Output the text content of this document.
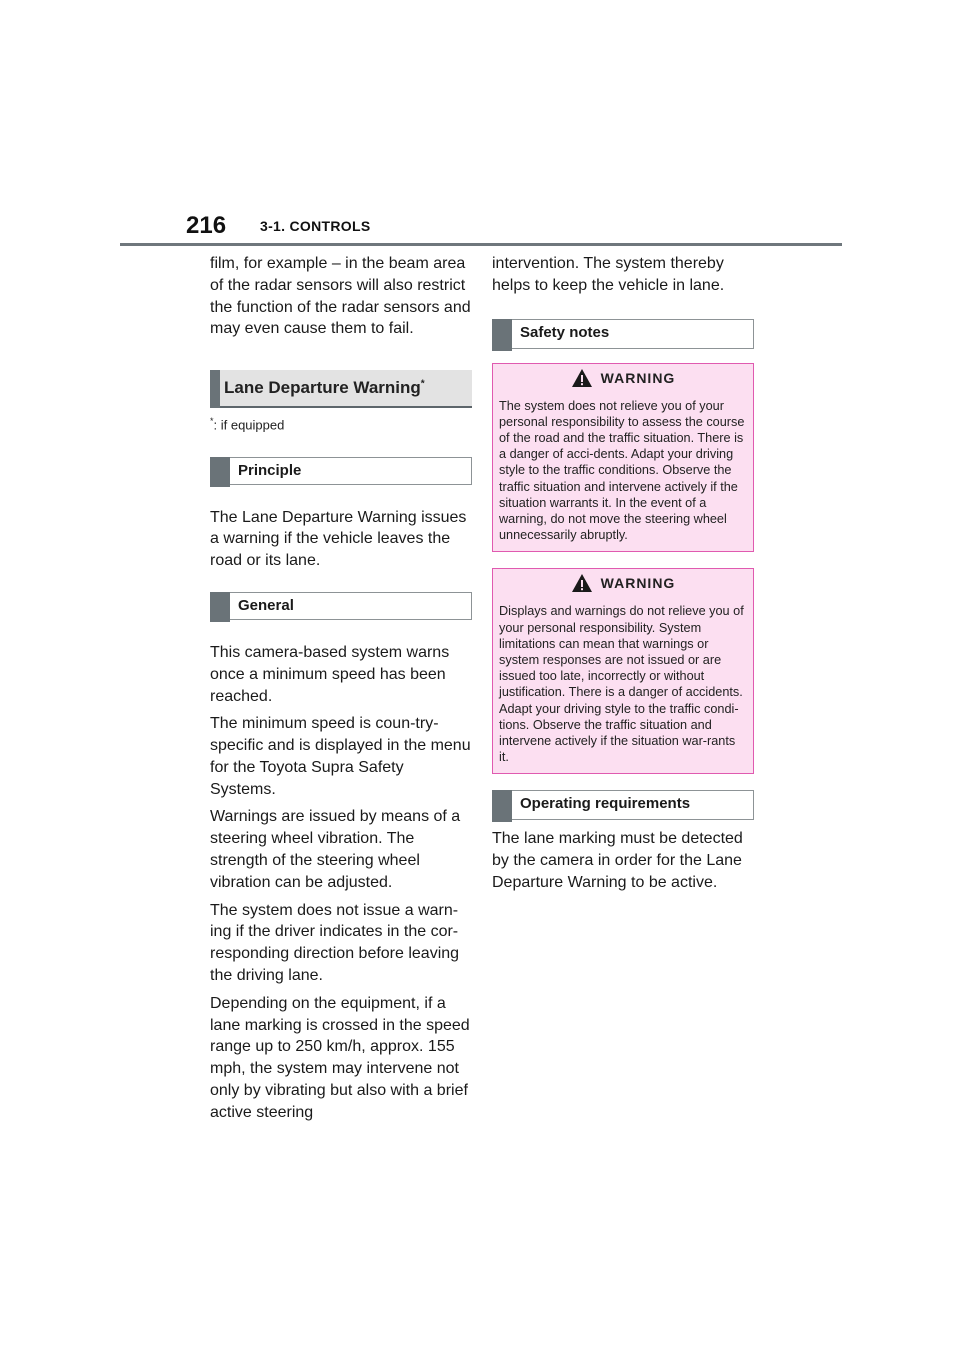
216 3-1. CONTROLS

film, for example – in the beam area of the radar sensors will also restrict the function of the radar sensors and may even cause them to fail.

Lane Departure Warning*

*: if equipped

Principle

The Lane Departure Warning issues a warning if the vehicle leaves the road or its lane.

General

This camera-based system warns once a minimum speed has been reached.

The minimum speed is coun-try-specific and is displayed in the menu for the Toyota Supra Safety Systems.

Warnings are issued by means of a steering wheel vibration. The strength of the steering wheel vibration can be adjusted.

The system does not issue a warn-ing if the driver indicates in the cor-responding direction before leaving the driving lane.

Depending on the equipment, if a lane marking is crossed in the speed range up to 250 km/h, approx. 155 mph, the system may intervene not only by vibrating but also with a brief active steering

intervention. The system thereby helps to keep the vehicle in lane.

Safety notes
WARNING

The system does not relieve you of your personal responsibility to assess the course of the road and the traffic situation. There is a danger of acci-dents. Adapt your driving style to the traffic conditions. Observe the traffic situation and intervene actively if the situation warrants it. In the event of a warning, do not move the steering wheel unnecessarily abruptly.

WARNING

Displays and warnings do not relieve you of your personal responsibility. System limitations can mean that warnings or system responses are not issued or are issued too late, incorrectly or without justification. There is a danger of accidents. Adapt your driving style to the traffic condi-tions. Observe the traffic situation and intervene actively if the situation war-rants it.

Operating requirements

The lane marking must be detected by the camera in order for the Lane Departure Warning to be active.
